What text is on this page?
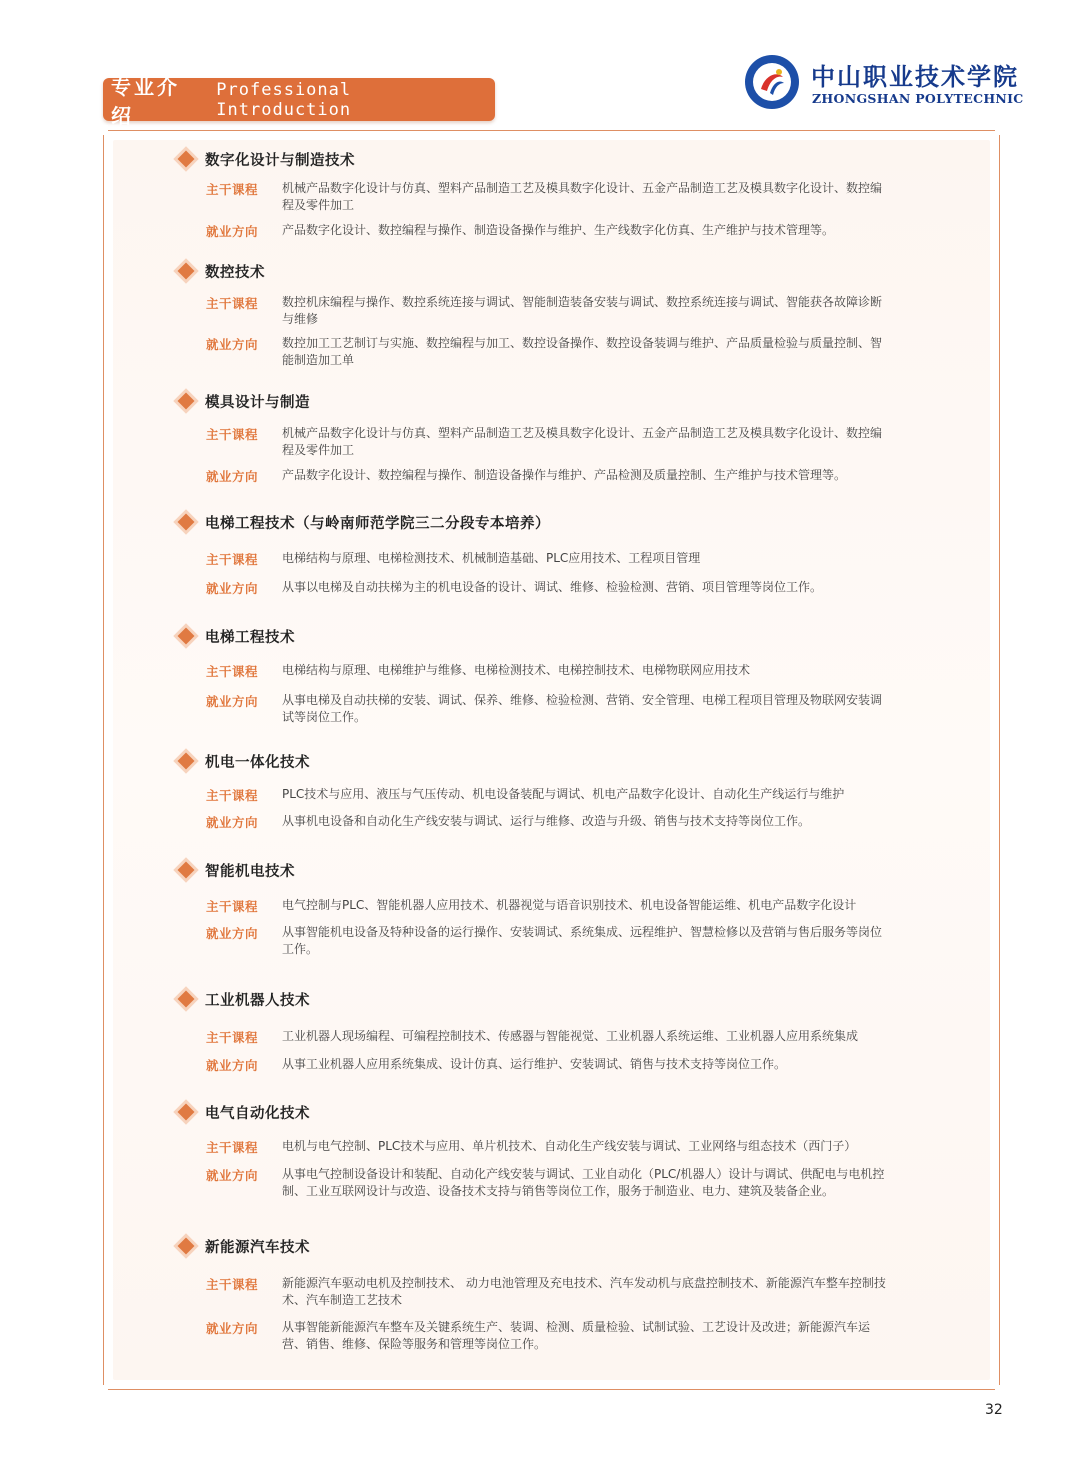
专业介绍
Professional Introduction
中山职业技术学院
ZHONGSHAN POLYTECHNIC
数字化设计与制造技术
主干课程	机械产品数字化设计与仿真、塑料产品制造工艺及模具数字化设计、五金产品制造工艺及模具数字化设计、数控编程及零件加工
就业方向	产品数字化设计、数控编程与操作、制造设备操作与维护、生产线数字化仿真、生产维护与技术管理等。
数控技术
主干课程	数控机床编程与操作、数控系统连接与调试、智能制造装备安装与调试、数控系统连接与调试、智能获各故障诊断与维修
就业方向	数控加工工艺制订与实施、数控编程与加工、数控设备操作、数控设备装调与维护、产品质量检验与质量控制、智能制造加工单
模具设计与制造
主干课程	机械产品数字化设计与仿真、塑料产品制造工艺及模具数字化设计、五金产品制造工艺及模具数字化设计、数控编程及零件加工
就业方向	产品数字化设计、数控编程与操作、制造设备操作与维护、产品检测及质量控制、生产维护与技术管理等。
电梯工程技术（与岭南师范学院三二分段专本培养）
主干课程	电梯结构与原理、电梯检测技术、机械制造基础、PLC应用技术、工程项目管理
就业方向	从事以电梯及自动扶梯为主的机电设备的设计、调试、维修、检验检测、营销、项目管理等岗位工作。
电梯工程技术
主干课程	电梯结构与原理、电梯维护与维修、电梯检测技术、电梯控制技术、电梯物联网应用技术
就业方向	从事电梯及自动扶梯的安装、调试、保养、维修、检验检测、营销、安全管理、电梯工程项目管理及物联网安装调试等岗位工作。
机电一体化技术
主干课程	PLC技术与应用、液压与气压传动、机电设备装配与调试、机电产品数字化设计、自动化生产线运行与维护
就业方向	从事机电设备和自动化生产线安装与调试、运行与维修、改造与升级、销售与技术支持等岗位工作。
智能机电技术
主干课程	电气控制与PLC、智能机器人应用技术、机器视觉与语音识别技术、机电设备智能运维、机电产品数字化设计
就业方向	从事智能机电设备及特种设备的运行操作、安装调试、系统集成、远程维护、智慧检修以及营销与售后服务等岗位工作。
工业机器人技术
主干课程	工业机器人现场编程、可编程控制技术、传感器与智能视觉、工业机器人系统运维、工业机器人应用系统集成
就业方向	从事工业机器人应用系统集成、设计仿真、运行维护、安装调试、销售与技术支持等岗位工作。
电气自动化技术
主干课程	电机与电气控制、PLC技术与应用、单片机技术、自动化生产线安装与调试、工业网络与组态技术（西门子）
就业方向	从事电气控制设备设计和装配、自动化产线安装与调试、工业自动化（PLC/机器人）设计与调试、供配电与电机控制、工业互联网设计与改造、设备技术支持与销售等岗位工作，服务于制造业、电力、建筑及装备企业。
新能源汽车技术
主干课程	新能源汽车驱动电机及控制技术、 动力电池管理及充电技术、汽车发动机与底盘控制技术、新能源汽车整车控制技术、汽车制造工艺技术
就业方向	从事智能新能源汽车整车及关键系统生产、装调、检测、质量检验、试制试验、工艺设计及改进；新能源汽车运营、销售、维修、保险等服务和管理等岗位工作。
32
